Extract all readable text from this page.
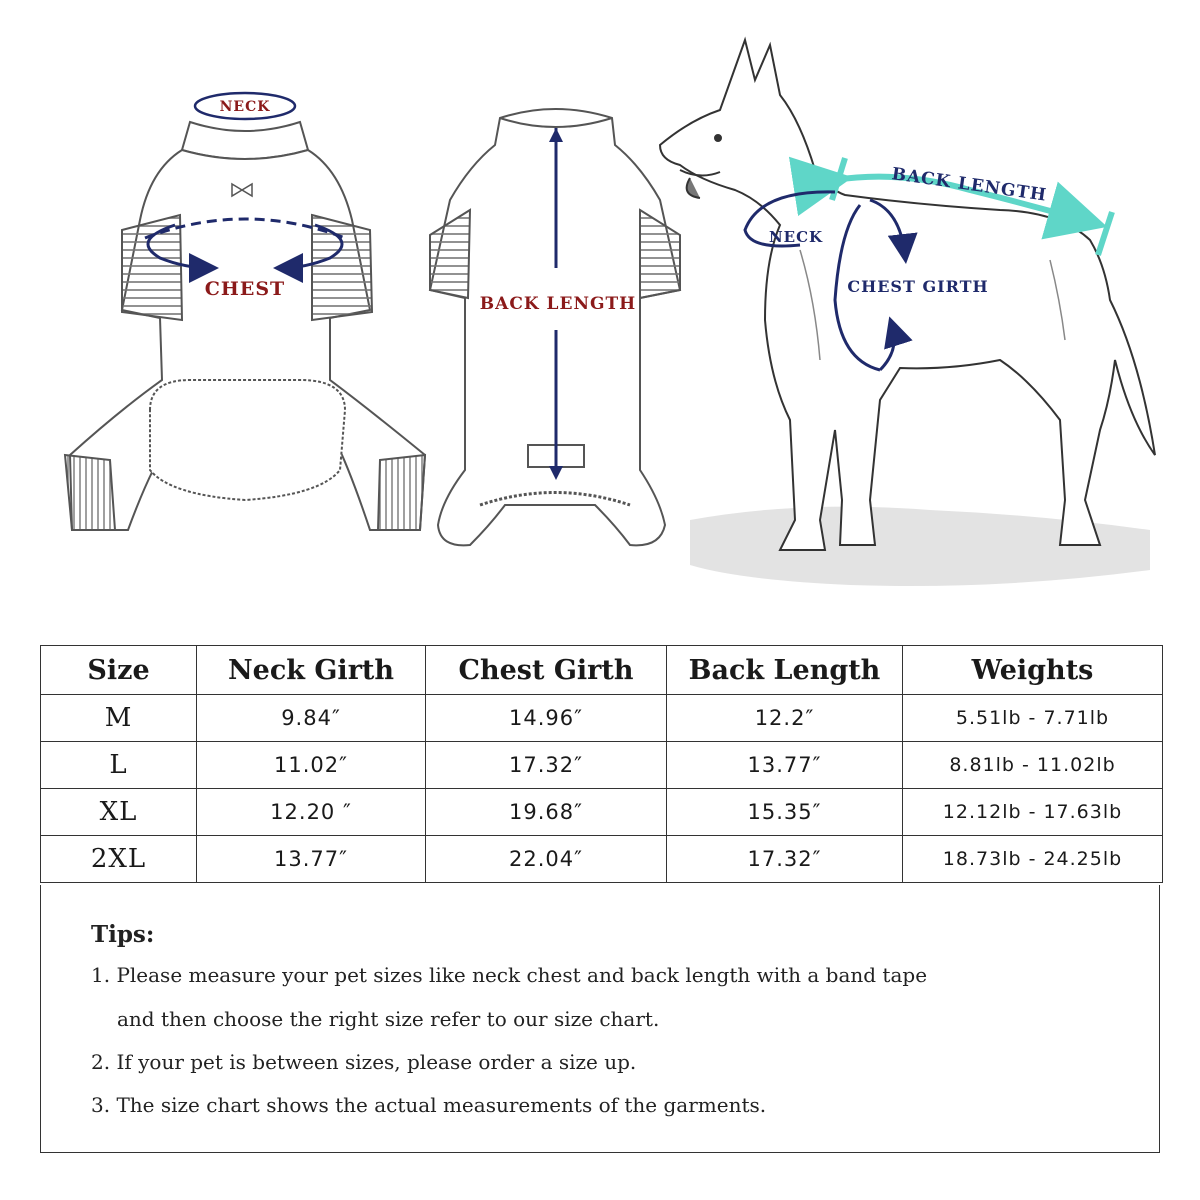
NECK
CHEST
BACK LENGTH
BACK LENGTH
NECK
CHEST GIRTH
Size	Neck Girth	Chest Girth	Back Length	Weights
M	9.84″	14.96″	12.2″	5.51lb - 7.71lb
L	11.02″	17.32″	13.77″	8.81lb - 11.02lb
XL	12.20 ″	19.68″	15.35″	12.12lb - 17.63lb
2XL	13.77″	22.04″	17.32″	18.73lb - 24.25lb
Tips:
1. Please measure your pet sizes like neck chest and back length with a band tape
and then choose the right size refer to our size chart.
2. If your pet is between sizes, please order a size up.
3. The size chart shows the actual measurements of the garments.
